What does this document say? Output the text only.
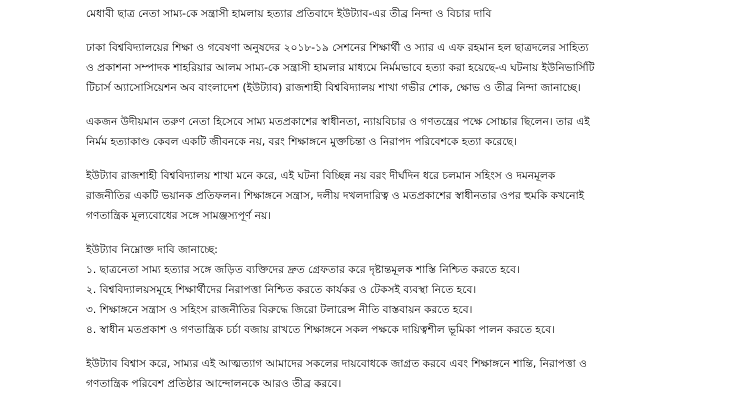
মেধাবী ছাত্র নেতা সাম্য-কে সন্ত্রাসী হামলায় হত্যার প্রতিবাদে ইউট্যাব-এর তীব্র নিন্দা ও বিচার দাবি
ঢাকা বিশ্ববিদ্যালয়ের শিক্ষা ও গবেষণা অনুষদের ২০১৮-১৯ সেশনের শিক্ষার্থী ও স্যার এ এফ রহমান হল ছাত্রদলের সাহিত্য
ও প্রকাশনা সম্পাদক শাহরিয়ার আলম সাম্য-কে সন্ত্রাসী হামলার মাধ্যমে নির্মমভাবে হত্যা করা হয়েছে-এ ঘটনায় ইউনিভার্সিটি
টিচার্স অ্যাসোসিয়েশন অব বাংলাদেশ (ইউট্যাব) রাজশাহী বিশ্ববিদ্যালয় শাখা গভীর শোক, ক্ষোভ ও তীব্র নিন্দা জানাচ্ছে।
একজন উদীয়মান তরুণ নেতা হিসেবে সাম্য মতপ্রকাশের স্বাধীনতা, ন্যায়বিচার ও গণতন্ত্রের পক্ষে সোচ্চার ছিলেন। তার এই
নির্মম হত্যাকাণ্ড কেবল একটি জীবনকে নয়, বরং শিক্ষাঙ্গনে মুক্তচিন্তা ও নিরাপদ পরিবেশকে হত্যা করেছে।
ইউট্যাব রাজশাহী বিশ্ববিদ্যালয় শাখা মনে করে, এই ঘটনা বিচ্ছিন্ন নয় বরং দীর্ঘদিন ধরে চলমান সহিংস ও দমনমূলক
রাজনীতির একটি ভয়ানক প্রতিফলন। শিক্ষাঙ্গনে সন্ত্রাস, দলীয় দখলদারিত্ব ও মতপ্রকাশের স্বাধীনতার ওপর হুমকি কখনোই
গণতান্ত্রিক মূল্যবোধের সঙ্গে সামঞ্জস্যপূর্ণ নয়।
ইউট্যাব নিম্নোক্ত দাবি জানাচ্ছে:
১. ছাত্রনেতা সাম্য হত্যার সঙ্গে জড়িত ব্যক্তিদের দ্রুত গ্রেফতার করে দৃষ্টান্তমূলক শাস্তি নিশ্চিত করতে হবে।
২. বিশ্ববিদ্যালয়সমূহে শিক্ষার্থীদের নিরাপত্তা নিশ্চিত করতে কার্যকর ও টেকসই ব্যবস্থা নিতে হবে।
৩. শিক্ষাঙ্গনে সন্ত্রাস ও সহিংস রাজনীতির বিরুদ্ধে জিরো টলারেন্স নীতি বাস্তবায়ন করতে হবে।
৪. স্বাধীন মতপ্রকাশ ও গণতান্ত্রিক চর্চা বজায় রাখতে শিক্ষাঙ্গনে সকল পক্ষকে দায়িত্বশীল ভূমিকা পালন করতে হবে।
ইউট্যাব বিশ্বাস করে, সাম্যর এই আত্মত্যাগ আমাদের সকলের দায়বোধকে জাগ্রত করবে এবং শিক্ষাঙ্গনে শান্তি, নিরাপত্তা ও
গণতান্ত্রিক পরিবেশ প্রতিষ্ঠার আন্দোলনকে আরও তীব্র করবে।
